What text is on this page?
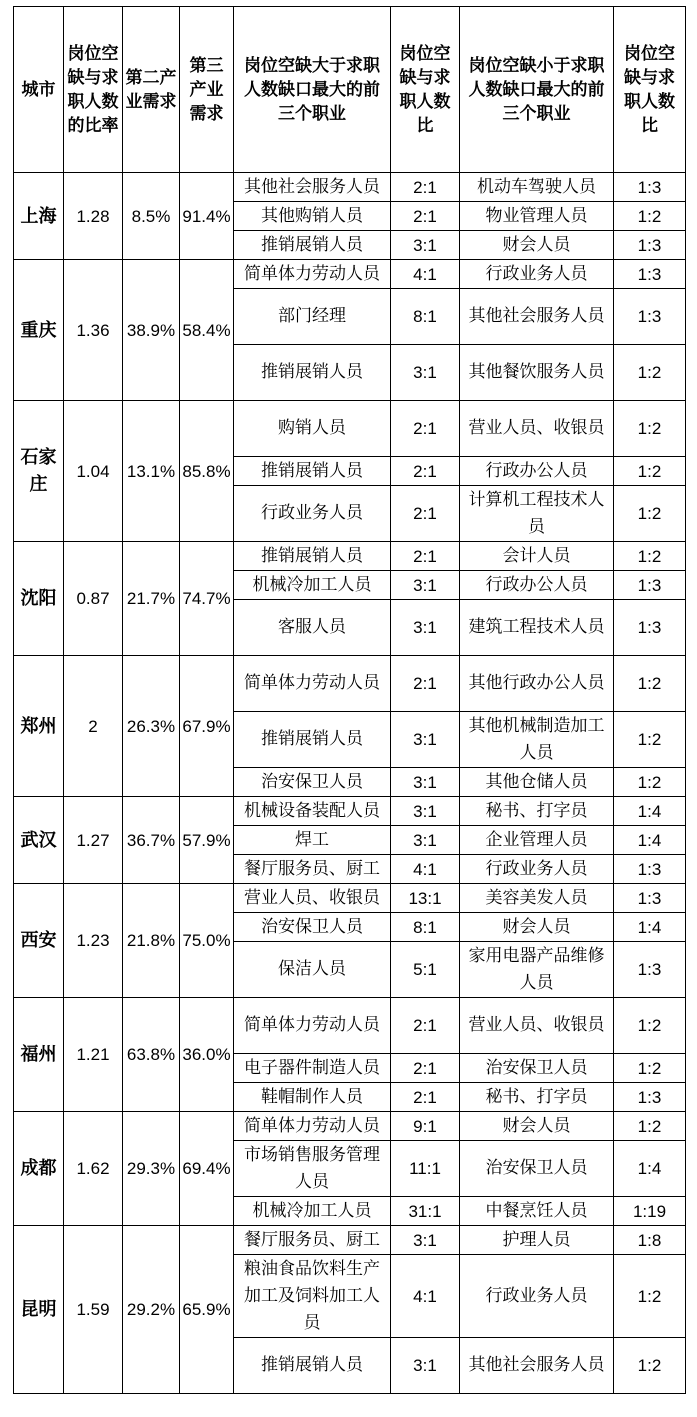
城市	岗位空缺与求职人数的比率	第二产业需求	第三产业需求	岗位空缺大于求职人数缺口最大的前三个职业	岗位空缺与求职人数比	岗位空缺小于求职人数缺口最大的前三个职业	岗位空缺与求职人数比
上海	1.28	8.5%	91.4%	其他社会服务人员	2:1	机动车驾驶人员	1:3
				其他购销人员	2:1	物业管理人员	1:2
				推销展销人员	3:1	财会人员	1:3
重庆	1.36	38.9%	58.4%	简单体力劳动人员	4:1	行政业务人员	1:3
				部门经理	8:1	其他社会服务人员	1:3
				推销展销人员	3:1	其他餐饮服务人员	1:2
石家庄	1.04	13.1%	85.8%	购销人员	2:1	营业人员、收银员	1:2
				推销展销人员	2:1	行政办公人员	1:2
				行政业务人员	2:1	计算机工程技术人员	1:2
沈阳	0.87	21.7%	74.7%	推销展销人员	2:1	会计人员	1:2
				机械冷加工人员	3:1	行政办公人员	1:3
				客服人员	3:1	建筑工程技术人员	1:3
郑州	2	26.3%	67.9%	简单体力劳动人员	2:1	其他行政办公人员	1:2
				推销展销人员	3:1	其他机械制造加工人员	1:2
				治安保卫人员	3:1	其他仓储人员	1:2
武汉	1.27	36.7%	57.9%	机械设备装配人员	3:1	秘书、打字员	1:4
				焊工	3:1	企业管理人员	1:4
				餐厅服务员、厨工	4:1	行政业务人员	1:3
西安	1.23	21.8%	75.0%	营业人员、收银员	13:1	美容美发人员	1:3
				治安保卫人员	8:1	财会人员	1:4
				保洁人员	5:1	家用电器产品维修人员	1:3
福州	1.21	63.8%	36.0%	简单体力劳动人员	2:1	营业人员、收银员	1:2
				电子器件制造人员	2:1	治安保卫人员	1:2
				鞋帽制作人员	2:1	秘书、打字员	1:3
成都	1.62	29.3%	69.4%	简单体力劳动人员	9:1	财会人员	1:2
				市场销售服务管理人员	11:1	治安保卫人员	1:4
				机械冷加工人员	31:1	中餐烹饪人员	1:19
昆明	1.59	29.2%	65.9%	餐厅服务员、厨工	3:1	护理人员	1:8
				粮油食品饮料生产加工及饲料加工人员	4:1	行政业务人员	1:2
				推销展销人员	3:1	其他社会服务人员	1:2
